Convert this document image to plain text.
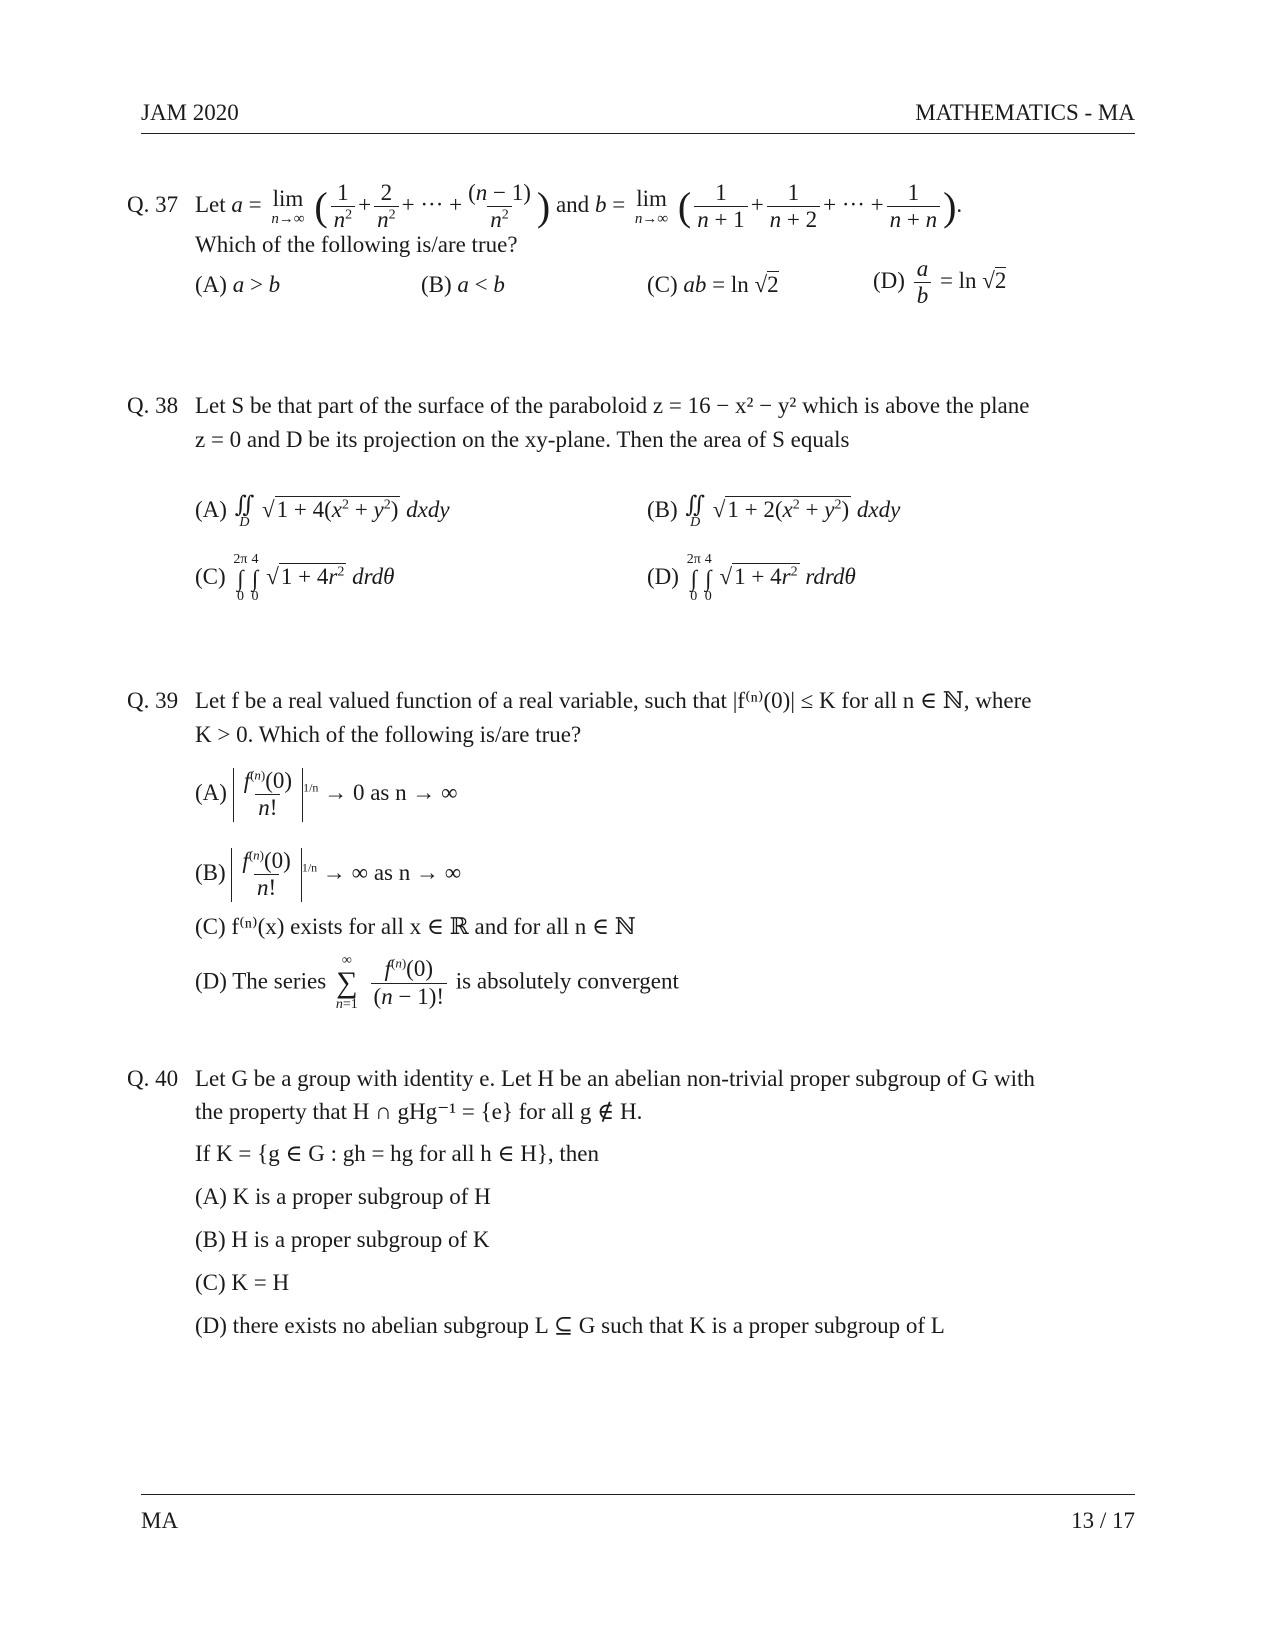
JAM 2020	MATHEMATICS - MA
Q. 37 Let a = lim
n→∞ ( $\frac{1}{n^2} + \frac{2}{n^2}$ + ··· + $\frac{(n - 1)}{n^2}$ ) and b = lim
n→∞ ( $\frac{1}{n + 1} + \frac{1}{n + 2}$ + ··· + $\frac{1}{n + n}$ ).
Which of the following is/are true?
(A) a > b	(B) a < b	(C) ab = ln √2	$(D) \frac{a}{b} = \ln √2$
Q. 38 Let S be that part of the surface of the paraboloid z = 16 − x² − y² which is above the plane
z = 0 and D be its projection on the xy-plane. Then the area of S equals
(A) ∬
D
$√1 + 4(x^2 + y^2)$ dxdy	(B) ∬
D
$√1 + 2(x^2 + y^2)$ dxdy
(C)
2π
∫
0
4
∫
0
$√1 + 4r^2$ drdθ	(D)
2π
∫
0
4
∫
0
$√1 + 4r^2$ rdrdθ
Q. 39 Let f be a real valued function of a real variable, such that |f⁽ⁿ⁾(0)| ≤ K for all n ∈ ℕ, where
K > 0. Which of the following is/are true?
$(A) \frac{f^{(n)}(0)}{n!} ^{1/n} \to 0$ as n → ∞
$(B) \frac{f^{(n)}(0)}{n!} ^{1/n}$ → ∞ as n → ∞
(C) f⁽ⁿ⁾(x) exists for all x ∈ ℝ and for all n ∈ ℕ
(D) The series
∞
∑
n=1
$\frac{f^{(n)}(0)}{(n - 1)!}$ is absolutely convergent
Q. 40 Let G be a group with identity e. Let H be an abelian non-trivial proper subgroup of G with
the property that H ∩ gHg⁻¹ = {e} for all g ∉ H.
If K = {g ∈ G : gh = hg for all h ∈ H}, then
(A) K is a proper subgroup of H
(B) H is a proper subgroup of K
(C) K = H
(D) there exists no abelian subgroup L ⊆ G such that K is a proper subgroup of L
MA	13 / 17
